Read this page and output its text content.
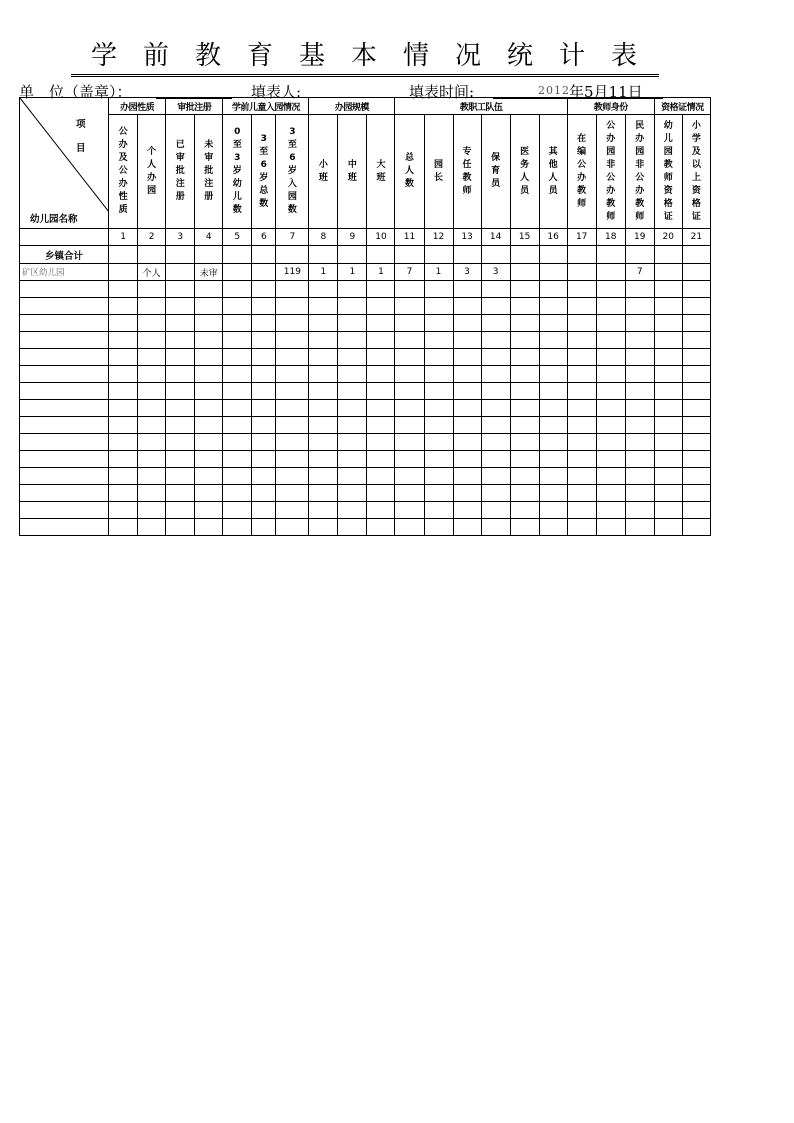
学前教育基本情况统计表
单　位（盖章）：	填表人:	填表时间:	2012 年5月11日
项
目
幼儿园名称	办园性质		审批注册		学前儿童入园情况			办园规模			教职工队伍						教师身份			资格证情况	
	公办及公办性质	个人办园	已审批注册	未审批注册	0至3岁幼儿数	3至6岁总数	3至6岁入园数	小班	中班	大班	总人数	园长	专任教师	保育员	医务人员	其他人员	在编公办教师	公办园非公办教师	民办园非公办教师	幼儿园教师资格证	小学及以上资格证
	1	2	3	4	5	6	7	8	9	10	11	12	13	14	15	16	17	18	19	20	21
乡镇合计																					
矿区幼儿园		个人		未审			119	1	1	1	7	1	3	3					7		
